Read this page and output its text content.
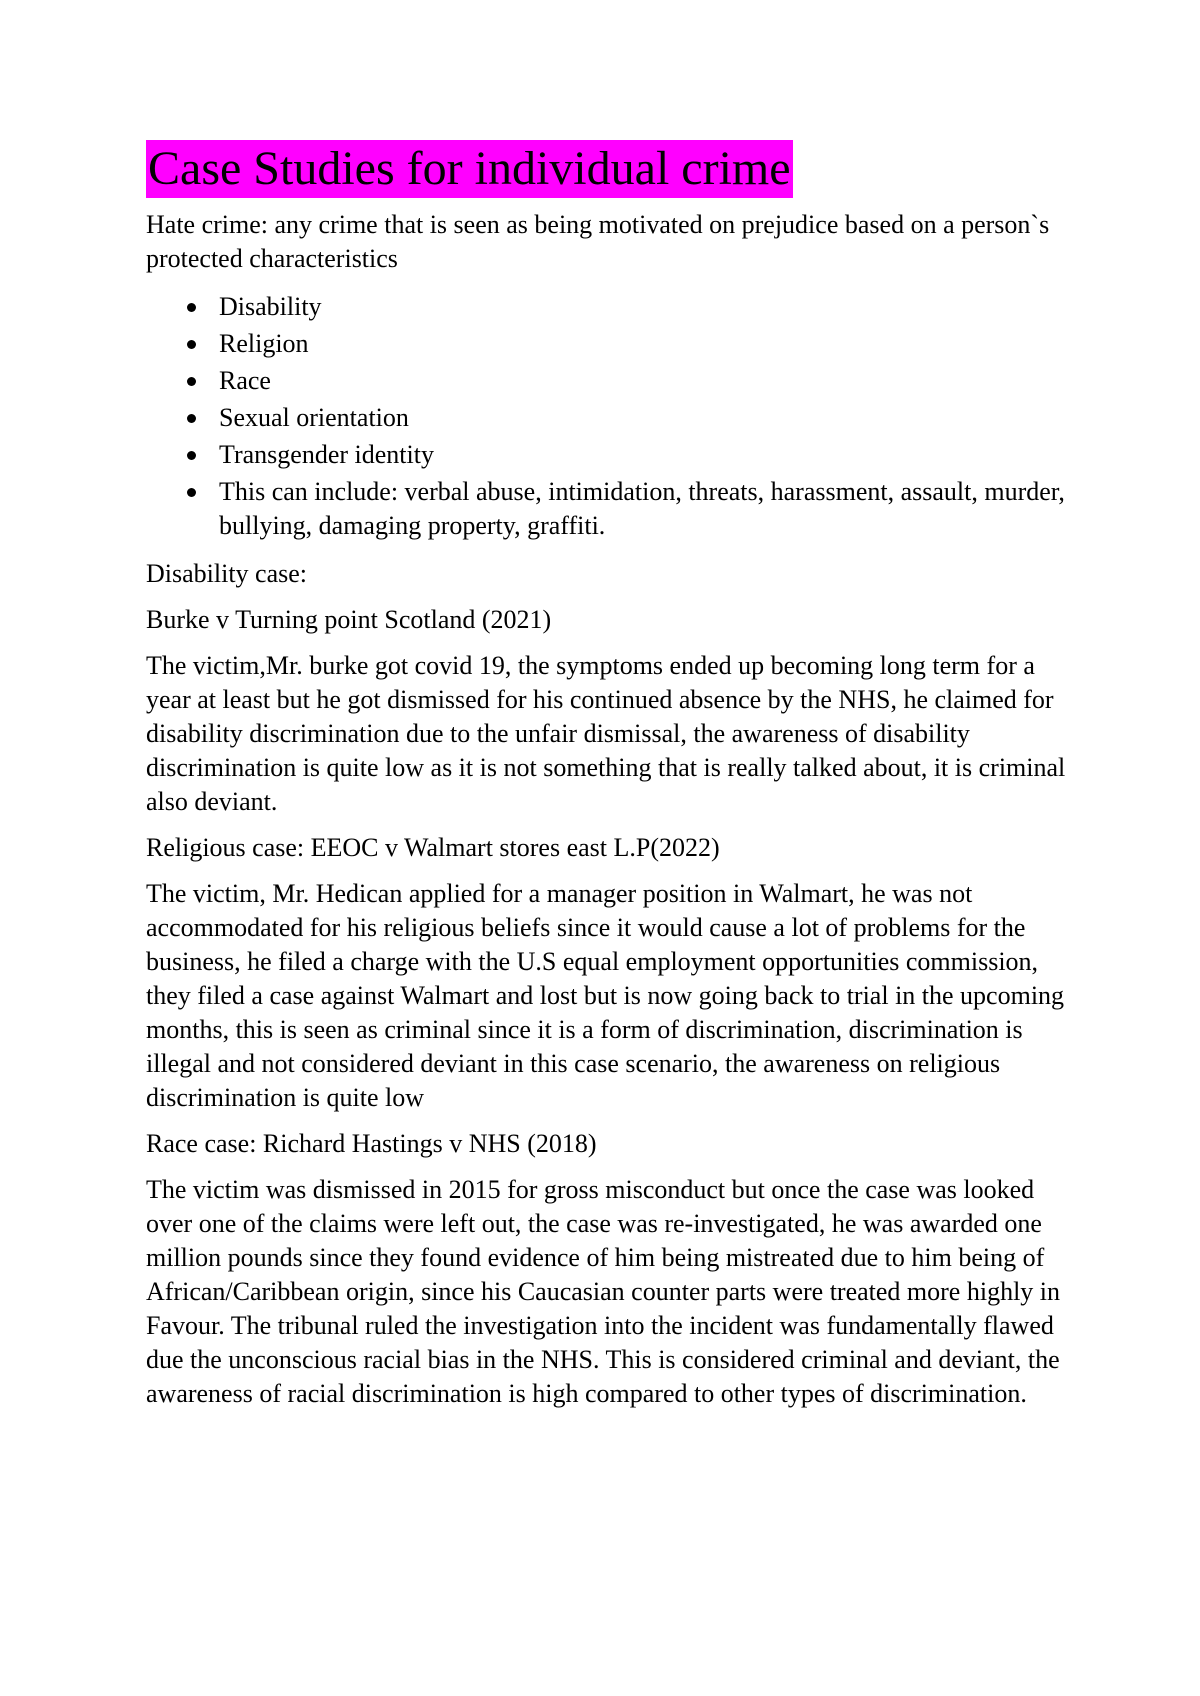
Case Studies for individual crime

Hate crime: any crime that is seen as being motivated on prejudice based on a person`s protected characteristics

Disability
Religion
Race
Sexual orientation
Transgender identity
This can include: verbal abuse, intimidation, threats, harassment, assault, murder, bullying, damaging property, graffiti.

Disability case:

Burke v Turning point Scotland (2021)

The victim,Mr. burke got covid 19, the symptoms ended up becoming long term for a year at least but he got dismissed for his continued absence by the NHS, he claimed for disability discrimination due to the unfair dismissal, the awareness of disability discrimination is quite low as it is not something that is really talked about, it is criminal also deviant.

Religious case: EEOC v Walmart stores east L.P(2022)

The victim, Mr. Hedican applied for a manager position in Walmart, he was not accommodated for his religious beliefs since it would cause a lot of problems for the business, he filed a charge with the U.S equal employment opportunities commission, they filed a case against Walmart and lost but is now going back to trial in the upcoming months, this is seen as criminal since it is a form of discrimination, discrimination is illegal and not considered deviant in this case scenario, the awareness on religious discrimination is quite low

Race case: Richard Hastings v NHS (2018)

The victim was dismissed in 2015 for gross misconduct but once the case was looked over one of the claims were left out, the case was re-investigated, he was awarded one million pounds since they found evidence of him being mistreated due to him being of African/Caribbean origin, since his Caucasian counter parts were treated more highly in Favour. The tribunal ruled the investigation into the incident was fundamentally flawed due the unconscious racial bias in the NHS. This is considered criminal and deviant, the awareness of racial discrimination is high compared to other types of discrimination.
